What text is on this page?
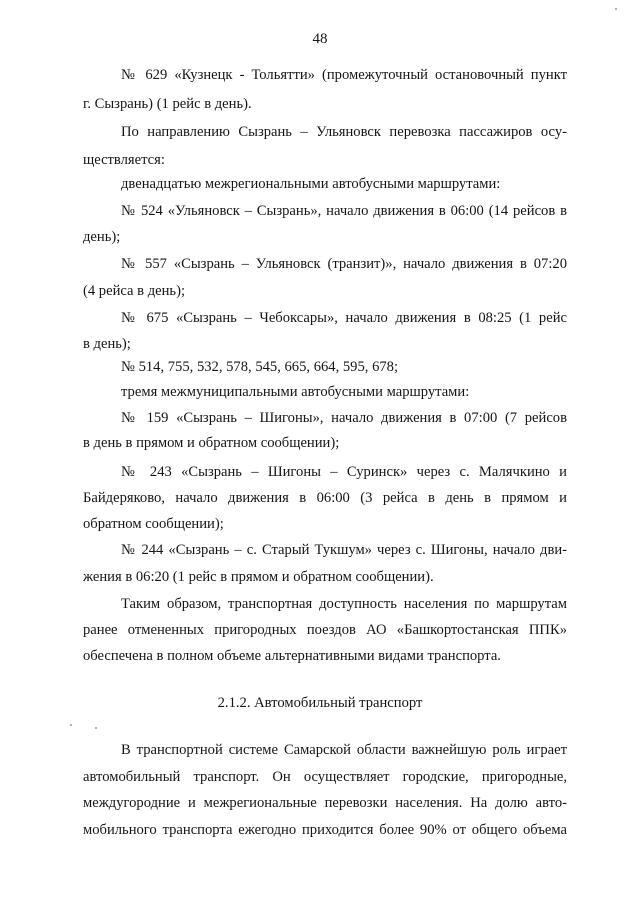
48
№ 629 «Кузнецк - Тольятти» (промежуточный остановочный пункт
г. Сызрань) (1 рейс в день).
По направлению Сызрань – Ульяновск перевозка пассажиров осу-
ществляется:
двенадцатью межрегиональными автобусными маршрутами:
№ 524 «Ульяновск – Сызрань», начало движения в 06:00 (14 рейсов в
день);
№ 557 «Сызрань – Ульяновск (транзит)», начало движения в 07:20
(4 рейса в день);
№ 675 «Сызрань – Чебоксары», начало движения в 08:25 (1 рейс
в день);
№ 514, 755, 532, 578, 545, 665, 664, 595, 678;
тремя межмуниципальными автобусными маршрутами:
№ 159 «Сызрань – Шигоны», начало движения в 07:00 (7 рейсов
в день в прямом и обратном сообщении);
№ 243 «Сызрань – Шигоны – Суринск» через с. Малячкино и
Байдеряково, начало движения в 06:00 (3 рейса в день в прямом и
обратном сообщении);
№ 244 «Сызрань – с. Старый Тукшум» через с. Шигоны, начало дви-
жения в 06:20 (1 рейс в прямом и обратном сообщении).
Таким образом, транспортная доступность населения по маршрутам
ранее отмененных пригородных поездов АО «Башкортостанская ППК»
обеспечена в полном объеме альтернативными видами транспорта.
2.1.2. Автомобильный транспорт
В транспортной системе Самарской области важнейшую роль играет
автомобильный транспорт. Он осуществляет городские, пригородные,
междугородние и межрегиональные перевозки населения. На долю авто-
мобильного транспорта ежегодно приходится более 90% от общего объема
